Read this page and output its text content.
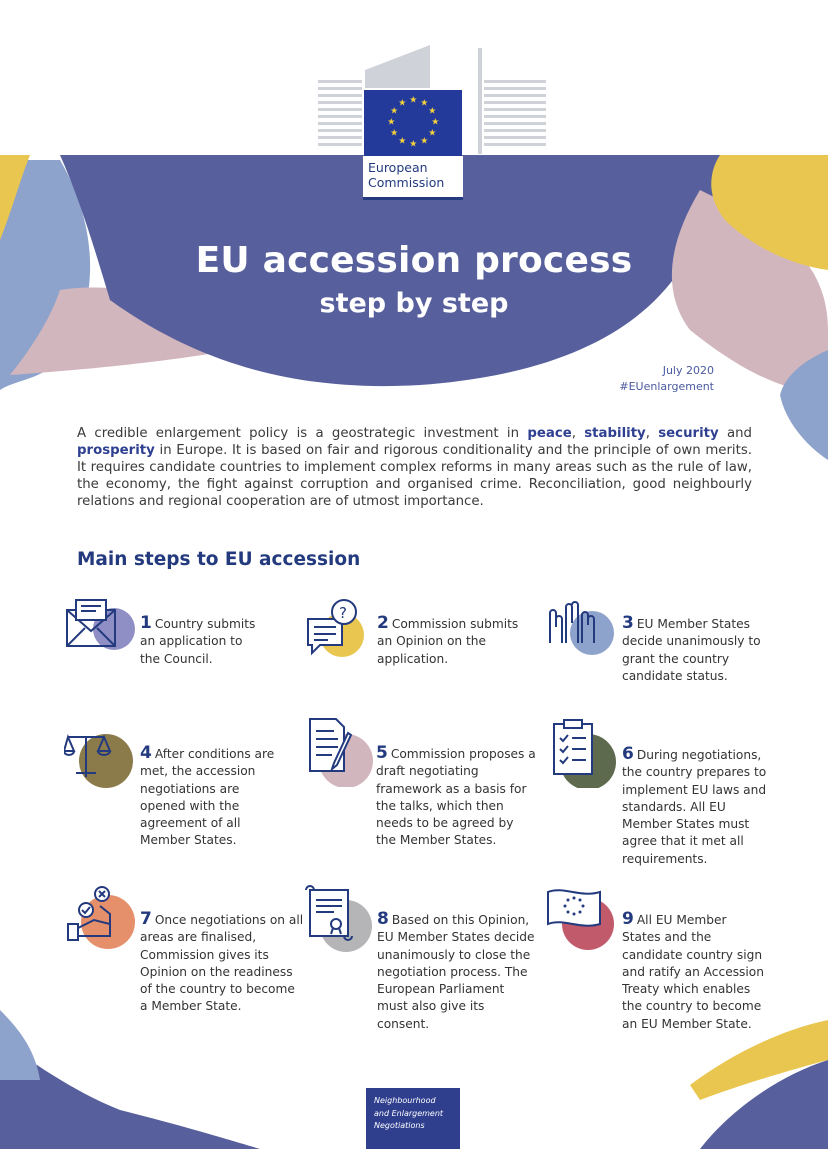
★ ★
★
★
★
★
★
★
★
★
★
★
European
Commission
EU accession process
step by step
July 2020
#EUenlargement
A credible enlargement policy is a geostrategic investment in peace, stability, security and prosperity in Europe. It is based on fair and rigorous conditionality and the principle of own merits. It requires candidate countries to implement complex reforms in many areas such as the rule of law, the economy, the fight against corruption and organised crime. Reconciliation, good neighbourly relations and regional cooperation are of utmost importance.
Main steps to EU accession
1 Country submits an application to the Council.
? 2 Commission submits an Opinion on the application.
3 EU Member States decide unanimously to grant the country candidate status.
4 After conditions are met, the accession negotiations are opened with the agreement of all Member States.
5 Commission proposes a draft negotiating framework as a basis for the talks, which then needs to be agreed by the Member States.
6 During negotiations, the country prepares to implement EU laws and standards. All EU Member States must agree that it met all requirements.
7 Once negotiations on all areas are finalised, Commission gives its Opinion on the readiness of the country to become a Member State.
8 Based on this Opinion, EU Member States decide unanimously to close the negotiation process. The European Parliament must also give its consent.
9 All EU Member States and the candidate country sign and ratify an Accession Treaty which enables the country to become an EU Member State.
Neighbourhood
and Enlargement
Negotiations
